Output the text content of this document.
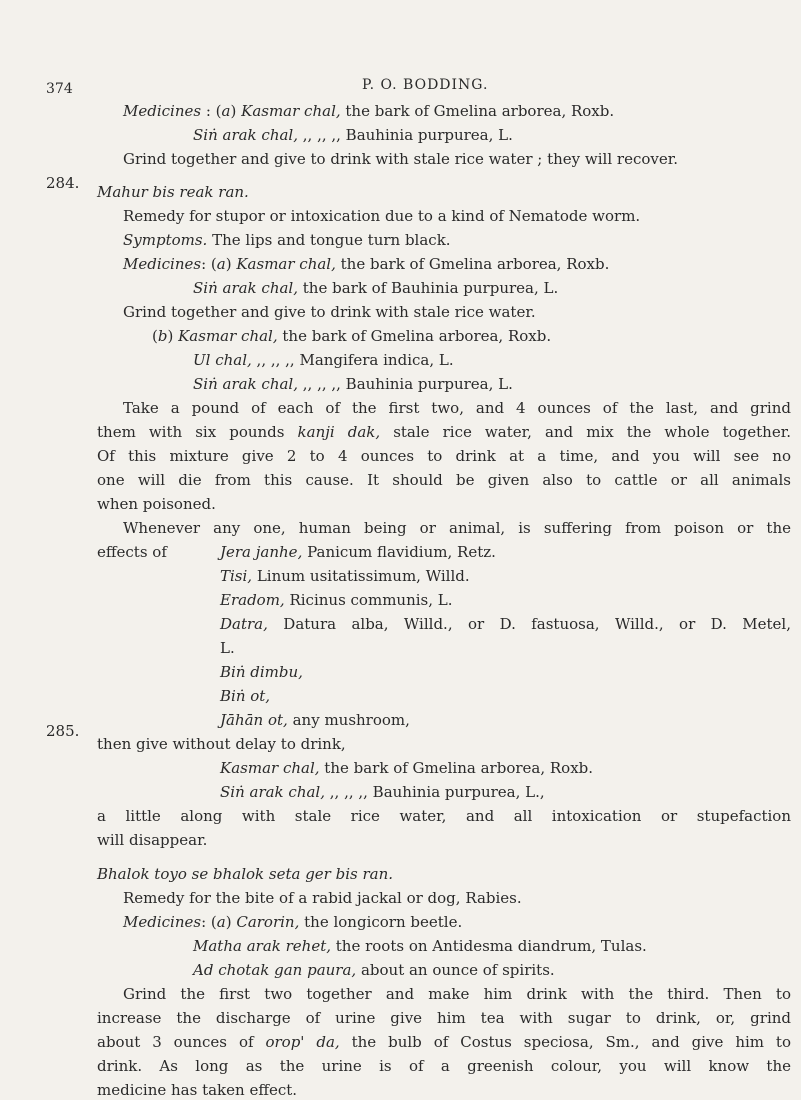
374	P. O. BODDING.
284.
285.
Medicines : (a) Kasmar chal, the bark of Gmelina arborea, Roxb.
Siṅ arak chal, ,, ,, ,, Bauhinia purpurea, L.
Grind together and give to drink with stale rice water ; they will recover.
Mahur bis reak ran.
Remedy for stupor or intoxication due to a kind of Nematode worm.
Symptoms. The lips and tongue turn black.
Medicines: (a) Kasmar chal, the bark of Gmelina arborea, Roxb.
Siṅ arak chal, the bark of Bauhinia purpurea, L.
Grind together and give to drink with stale rice water.
(b) Kasmar chal, the bark of Gmelina arborea, Roxb.
Ul chal, ,, ,, ,, Mangifera indica, L.
Siṅ arak chal, ,, ,, ,, Bauhinia purpurea, L.
Take a pound of each of the first two, and 4 ounces of the last, and grind
them with six pounds kanji dak, stale rice water, and mix the whole together.
Of this mixture give 2 to 4 ounces to drink at a time, and you will see no
one will die from this cause. It should be given also to cattle or all animals
when poisoned.
Whenever any one, human being or animal, is suffering from poison or the
effects of	Jera janhe, Panicum flavidium, Retz.
Tisi, Linum usitatissimum, Willd.
Eradom, Ricinus communis, L.
Datra, Datura alba, Willd., or D. fastuosa, Willd., or D. Metel,
L.
Biṅ dimbu,
Biṅ ot,
Jāhān ot, any mushroom,
then give without delay to drink,
Kasmar chal, the bark of Gmelina arborea, Roxb.
Siṅ arak chal, ,, ,, ,, Bauhinia purpurea, L.,
a little along with stale rice water, and all intoxication or stupefaction
will disappear.
Bhalok toyo se bhalok seta ger bis ran.
Remedy for the bite of a rabid jackal or dog, Rabies.
Medicines: (a) Carorin, the longicorn beetle.
Matha arak rehet, the roots on Antidesma diandrum, Tulas.
Ad chotak gan paura, about an ounce of spirits.
Grind the first two together and make him drink with the third. Then to
increase the discharge of urine give him tea with sugar to drink, or, grind
about 3 ounces of orop' da, the bulb of Costus speciosa, Sm., and give him to
drink. As long as the urine is of a greenish colour, you will know the
medicine has taken effect.
